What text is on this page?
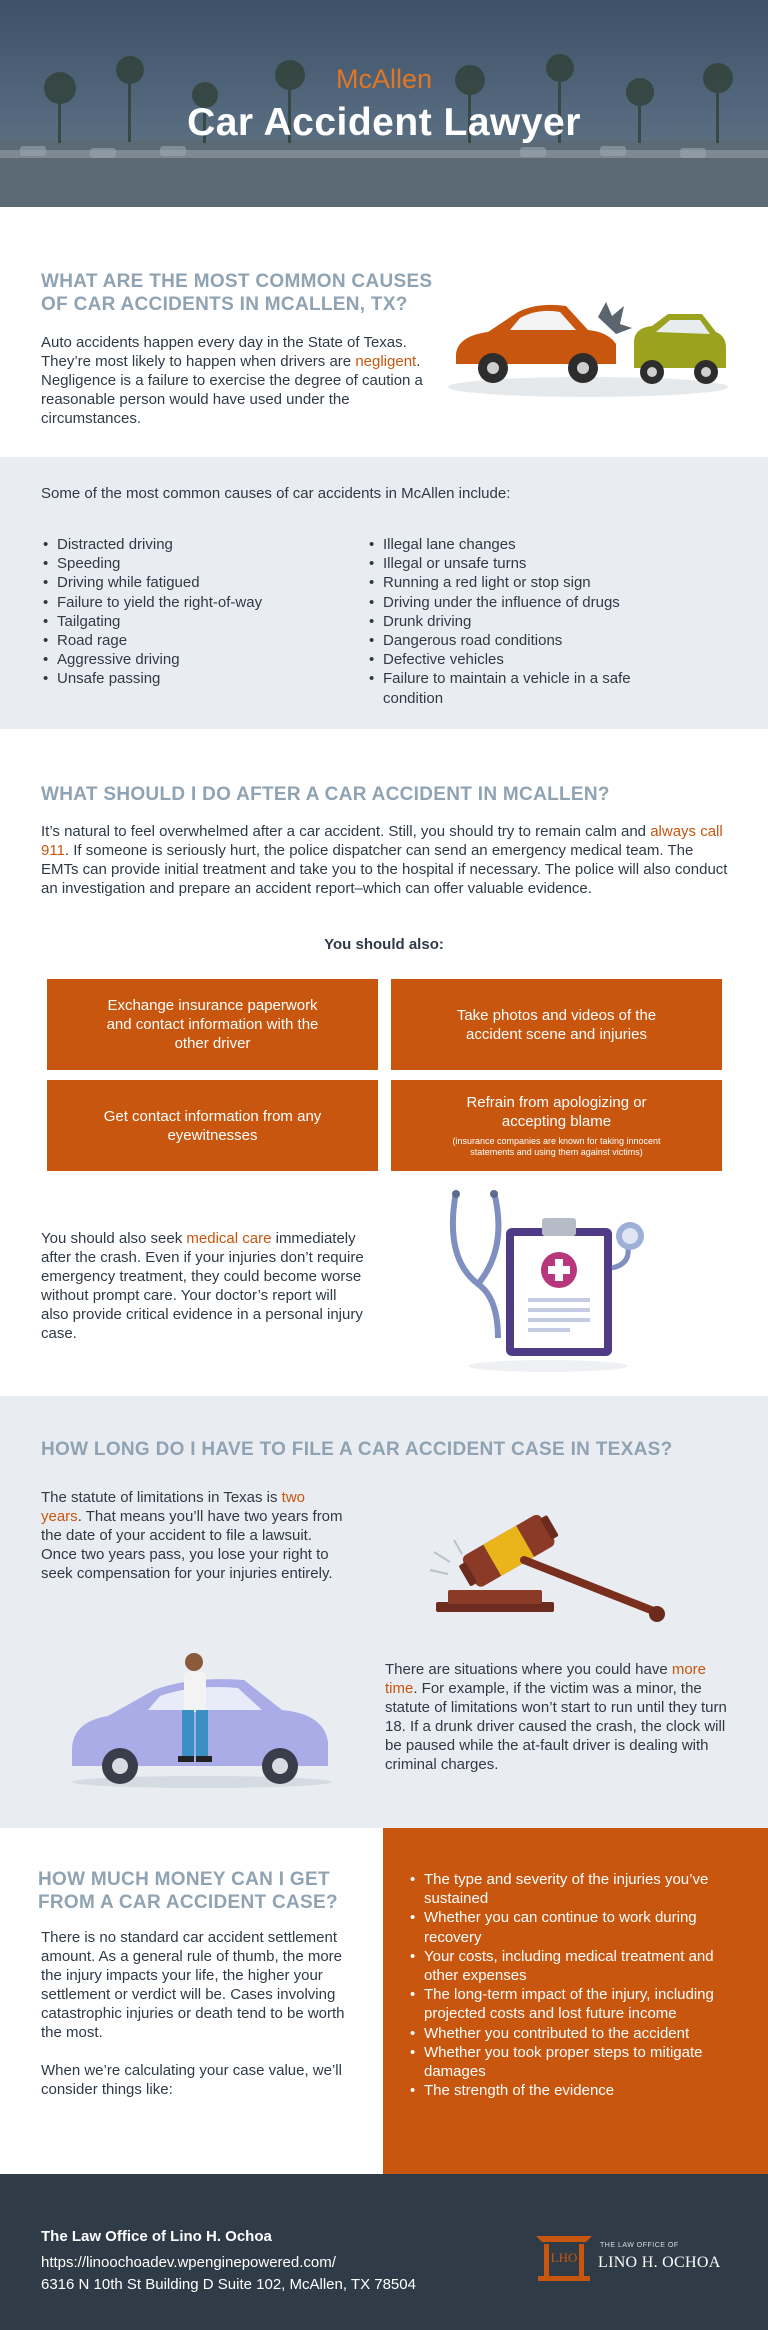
McAllen
Car Accident Lawyer
WHAT ARE THE MOST COMMON CAUSES
OF CAR ACCIDENTS IN MCALLEN, TX?

Auto accidents happen every day in the State of Texas. They’re most likely to happen when drivers are negligent. Negligence is a failure to exercise the degree of caution a reasonable person would have used under the circumstances.

Some of the most common causes of car accidents in McAllen include:
• Distracted driving
• Speeding
• Driving while fatigued
• Failure to yield the right-of-way
• Tailgating
• Road rage
• Aggressive driving
• Unsafe passing
• Illegal lane changes
• Illegal or unsafe turns
• Running a red light or stop sign
• Driving under the influence of drugs
• Drunk driving
• Dangerous road conditions
• Defective vehicles
• Failure to maintain a vehicle in a safe condition
WHAT SHOULD I DO AFTER A CAR ACCIDENT IN MCALLEN?

It’s natural to feel overwhelmed after a car accident. Still, you should try to remain calm and always call 911. If someone is seriously hurt, the police dispatcher can send an emergency medical team. The EMTs can provide initial treatment and take you to the hospital if necessary. The police will also conduct an investigation and prepare an accident report–which can offer valuable evidence.

You should also:
Exchange insurance paperwork and contact information with the other driver
Take photos and videos of the accident scene and injuries
Get contact information from any eyewitnesses
Refrain from apologizing or accepting blame
(insurance companies are known for taking innocent statements and using them against victims)

You should also seek medical care immediately after the crash. Even if your injuries don’t require emergency treatment, they could become worse without prompt care. Your doctor’s report will also provide critical evidence in a personal injury case.

HOW LONG DO I HAVE TO FILE A CAR ACCIDENT CASE IN TEXAS?

The statute of limitations in Texas is two years. That means you’ll have two years from the date of your accident to file a lawsuit. Once two years pass, you lose your right to seek compensation for your injuries entirely.

There are situations where you could have more time. For example, if the victim was a minor, the statute of limitations won’t start to run until they turn 18. If a drunk driver caused the crash, the clock will be paused while the at-fault driver is dealing with criminal charges.

HOW MUCH MONEY CAN I GET
FROM A CAR ACCIDENT CASE?

There is no standard car accident settlement amount. As a general rule of thumb, the more the injury impacts your life, the higher your settlement or verdict will be. Cases involving catastrophic injuries or death tend to be worth the most.

When we’re calculating your case value, we’ll consider things like:

• The type and severity of the injuries you’ve sustained
• Whether you can continue to work during recovery
• Your costs, including medical treatment and other expenses
• The long-term impact of the injury, including projected costs and lost future income
• Whether you contributed to the accident
• Whether you took proper steps to mitigate damages
• The strength of the evidence
The Law Office of Lino H. Ochoa
https://linoochoadev.wpenginepowered.com/
6316 N 10th St Building D Suite 102, McAllen, TX 78504
LHO
THE LAW OFFICE OF
LINO H. OCHOA
